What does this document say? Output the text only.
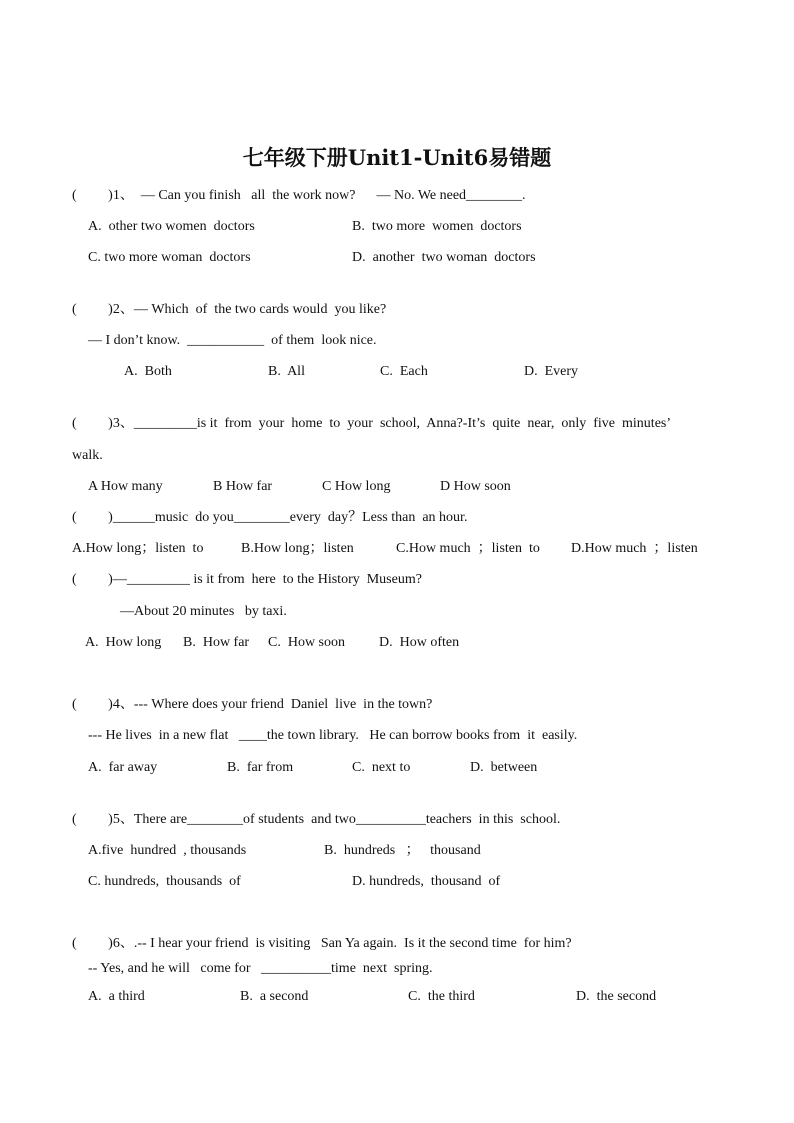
七年级下册Unit1-Unit6易错题
(         )1、  — Can you finish   all  the work now?      — No. We need________.
A.  other two women  doctors	B.  two more  women  doctors
C. two more woman  doctors	D.  another  two woman  doctors
(         )2、— Which  of  the two cards would  you like?
— I don’t know.  ___________  of them  look nice.
A.  Both	B.  All	C.  Each	D.  Every
(         )3、_________is it  from  your  home  to  your  school,  Anna?-It’s  quite  near,  only  five  minutes’
walk.
A How many	B How far	C How long	D How soon
(         )______music  do you________every  day？Less than  an hour.
A.How long；listen  to	B.How long；listen	C.How much  ；listen  to D.How much  ；listen
(         )—_________ is it from  here  to the History  Museum?
—About 20 minutes   by taxi.
A.  How long B.  How far C.  How soon D.  How often
(         )4、--- Where does your friend  Daniel  live  in the town?
--- He lives  in a new flat   ____the town library.   He can borrow books from  it  easily.
A.  far away	B.  far from	C.  next to	D.  between
(         )5、There are________of students  and two__________teachers  in this  school.
A.five  hundred  , thousands	B.  hundreds   ；   thousand
C. hundreds,  thousands  of	D. hundreds,  thousand  of
(         )6、.-- I hear your friend  is visiting   San Ya again.  Is it the second time  for him?
-- Yes, and he will   come for   __________time  next  spring.
A.  a third	B.  a second	C.  the third	D.  the second
